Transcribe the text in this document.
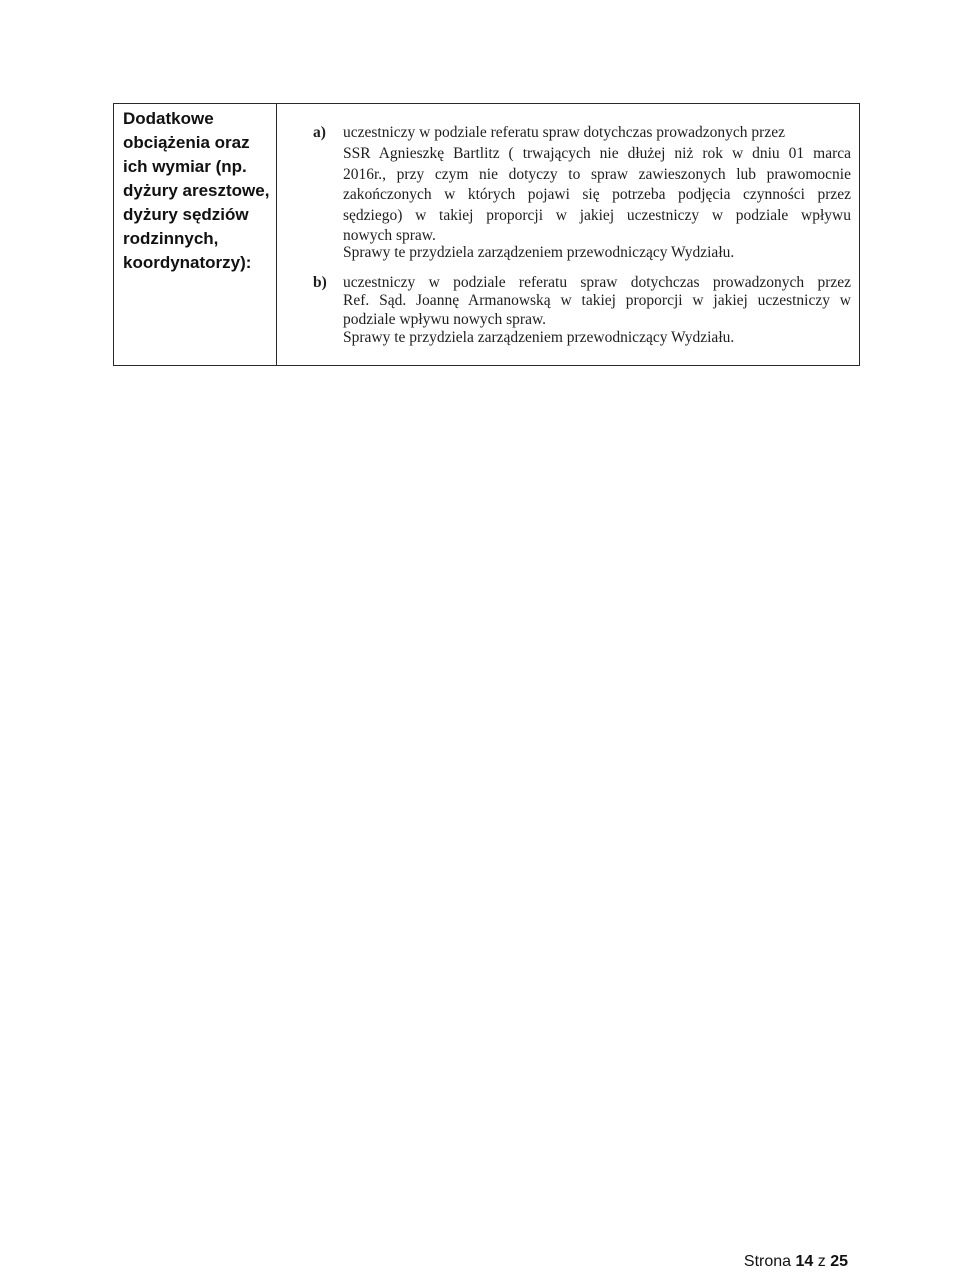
Dodatkowe
obciążenia oraz
ich wymiar (np.
dyżury aresztowe,
dyżury sędziów
rodzinnych,
koordynatorzy):
a)	uczestniczy w podziale referatu spraw dotychczas prowadzonych przez
SSR Agnieszkę Bartlitz ( trwających nie dłużej niż rok w dniu 01 marca
2016r., przy czym nie dotyczy to spraw zawieszonych lub prawomocnie
zakończonych w których pojawi się potrzeba podjęcia czynności przez
sędziego) w takiej proporcji w jakiej uczestniczy w podziale wpływu
nowych spraw.
Sprawy te przydziela zarządzeniem przewodniczący Wydziału.
b)	uczestniczy w podziale referatu spraw dotychczas prowadzonych przez
Ref. Sąd. Joannę Armanowską w takiej proporcji w jakiej uczestniczy w
podziale wpływu nowych spraw.
Sprawy te przydziela zarządzeniem przewodniczący Wydziału.
Strona 14 z 25
